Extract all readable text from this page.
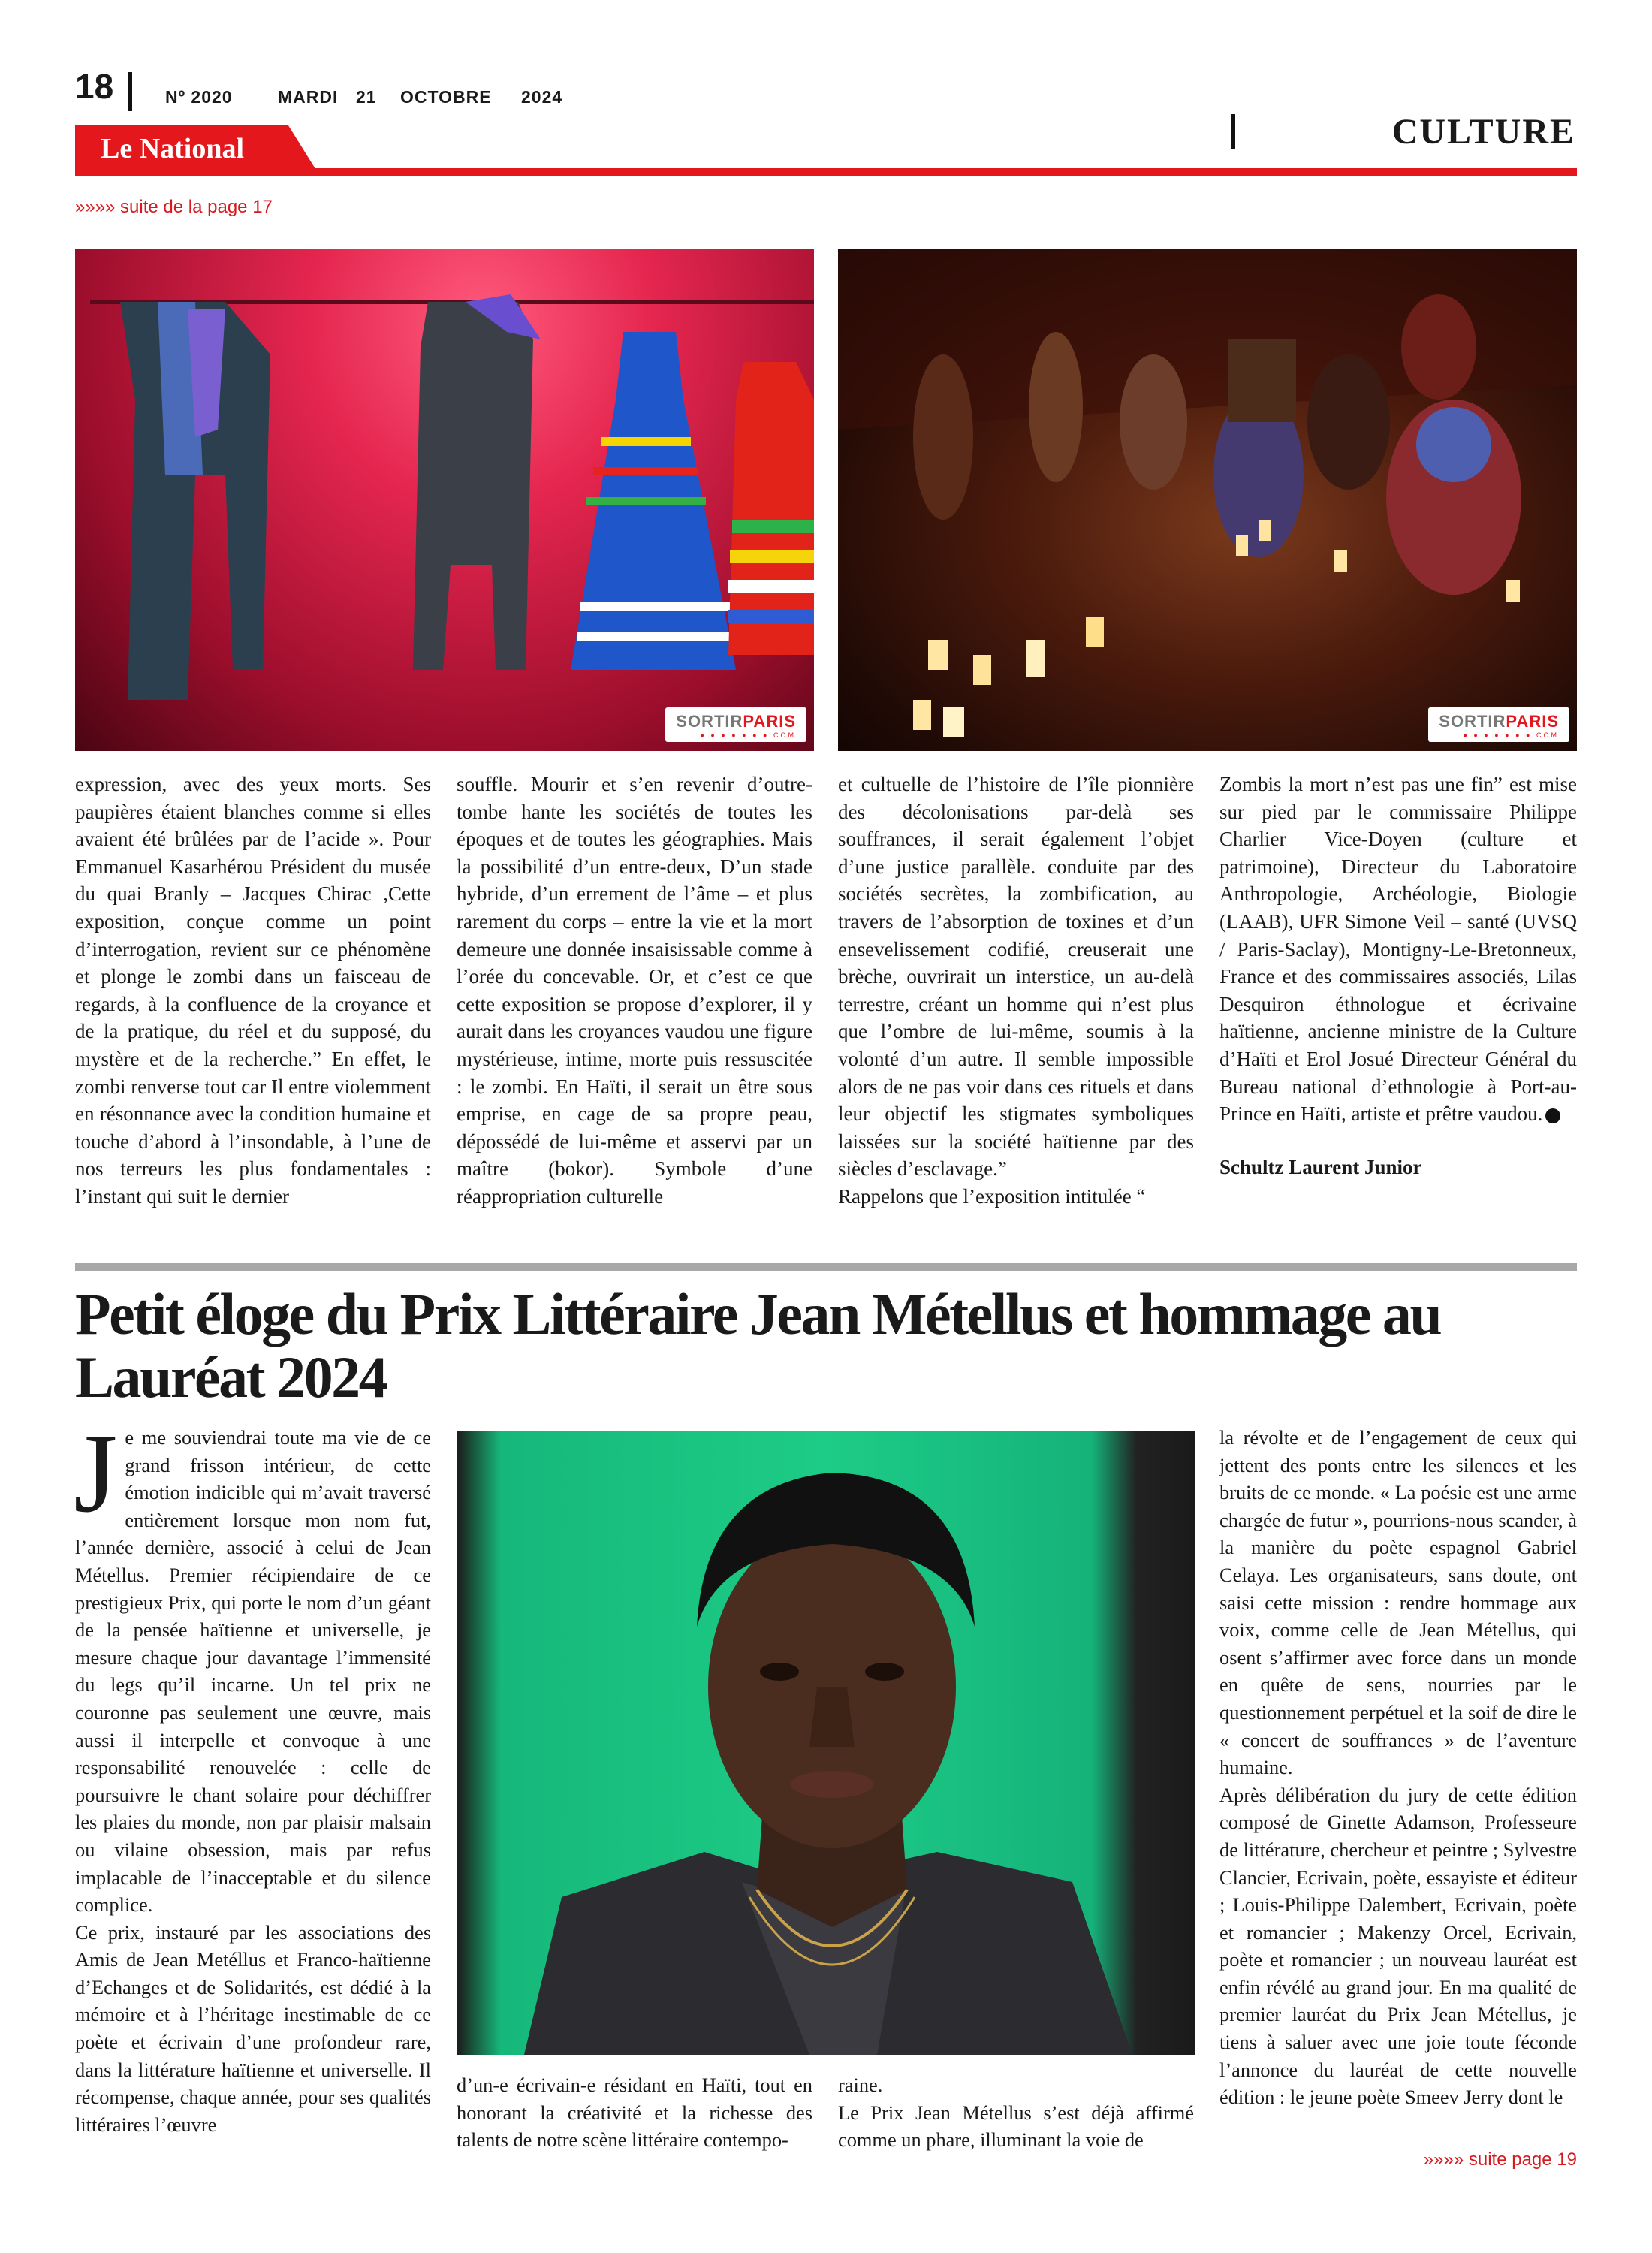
18	Nº 2020	MARDI 21 OCTOBRE 2024
CULTURE
Le National
»»»» suite de la page 17
SORTIRPARIS
● ● ● ● ● ● ● COM
SORTIRPARIS
● ● ● ● ● ● ● COM

expression, avec des yeux morts. Ses paupières étaient blanches comme si elles avaient été brûlées par de l’acide ». Pour Emmanuel Kasarhérou Président du musée du quai Branly – Jacques Chirac ,Cette exposition, conçue comme un point d’interrogation, revient sur ce phénomène et plonge le zombi dans un faisceau de regards, à la confluence de la croyance et de la pratique, du réel et du supposé, du mystère et de la recherche.” En effet, le zombi renverse tout car Il entre violemment en résonnance avec la condition humaine et touche d’abord à l’insondable, à l’une de nos terreurs les plus fondamentales : l’instant qui suit le dernier

souffle. Mourir et s’en revenir d’outre-tombe hante les sociétés de toutes les époques et de toutes les géographies. Mais la possibilité d’un entre-deux, D’un stade hybride, d’un errement de l’âme – et plus rarement du corps – entre la vie et la mort demeure une donnée insaisissable comme à l’orée du concevable. Or, et c’est ce que cette exposition se propose d’explorer, il y aurait dans les croyances vaudou une figure mystérieuse, intime, morte puis ressuscitée : le zombi. En Haïti, il serait un être sous emprise, en cage de sa propre peau, dépossédé de lui-même et asservi par un maître (bokor). Symbole d’une réappropriation culturelle

et cultuelle de l’histoire de l’île pionnière des décolonisations par-delà ses souffrances, il serait également l’objet d’une justice parallèle. conduite par des sociétés secrètes, la zombification, au travers de l’absorption de toxines et d’un ensevelissement codifié, creuserait une brèche, ouvrirait un interstice, un au-delà terrestre, créant un homme qui n’est plus que l’ombre de lui-même, soumis à la volonté d’un autre. Il semble impossible alors de ne pas voir dans ces rituels et dans leur objectif les stigmates symboliques laissées sur la société haïtienne par des siècles d’esclavage.”

Rappelons que l’exposition intitulée “

Zombis la mort n’est pas une fin” est mise sur pied par le commissaire Philippe Charlier Vice-Doyen (culture et patrimoine), Directeur du Laboratoire Anthropologie, Archéologie, Biologie (LAAB), UFR Simone Veil – santé (UVSQ / Paris-Saclay), Montigny-Le-Bretonneux, France et des commissaires associés, Lilas Desquiron éthnologue et écrivaine haïtienne, ancienne ministre de la Culture d’Haïti et Erol Josué Directeur Général du Bureau national d’ethnologie à Port-au-Prince en Haïti, artiste et prêtre vaudou.

Schultz Laurent Junior

Petit éloge du Prix Littéraire Jean Métellus et hommage au Lauréat 2024

Je me souviendrai toute ma vie de ce grand frisson intérieur, de cette émotion indicible qui m’avait traversé entièrement lorsque mon nom fut, l’année dernière, associé à celui de Jean Métellus. Premier récipiendaire de ce prestigieux Prix, qui porte le nom d’un géant de la pensée haïtienne et universelle, je mesure chaque jour davantage l’immensité du legs qu’il incarne. Un tel prix ne couronne pas seulement une œuvre, mais aussi il interpelle et convoque à une responsabilité renouvelée : celle de poursuivre le chant solaire pour déchiffrer les plaies du monde, non par plaisir malsain ou vilaine obsession, mais par refus implacable de l’inacceptable et du silence complice.

Ce prix, instauré par les associations des Amis de Jean Metéllus et Franco-haïtienne d’Echanges et de Solidarités, est dédié à la mémoire et à l’héritage inestimable de ce poète et écrivain d’une profondeur rare, dans la littérature haïtienne et universelle. Il récompense, chaque année, pour ses qualités littéraires l’œuvre

d’un-e écrivain-e résidant en Haïti, tout en honorant la créativité et la richesse des talents de notre scène littéraire contempo-

raine.

Le Prix Jean Métellus s’est déjà affirmé comme un phare, illuminant la voie de

la révolte et de l’engagement de ceux qui jettent des ponts entre les silences et les bruits de ce monde. « La poésie est une arme chargée de futur », pourrions-nous scander, à la manière du poète espagnol Gabriel Celaya. Les organisateurs, sans doute, ont saisi cette mission : rendre hommage aux voix, comme celle de Jean Métellus, qui osent s’affirmer avec force dans un monde en quête de sens, nourries par le questionnement perpétuel et la soif de dire le « concert de souffrances » de l’aventure humaine.

Après délibération du jury de cette édition composé de Ginette Adamson, Professeure de littérature, chercheur et peintre ; Sylvestre Clancier, Ecrivain, poète, essayiste et éditeur ; Louis-Philippe Dalembert, Ecrivain, poète et romancier ; Makenzy Orcel, Ecrivain, poète et romancier ; un nouveau lauréat est enfin révélé au grand jour. En ma qualité de premier lauréat du Prix Jean Métellus, je tiens à saluer avec une joie toute féconde l’annonce du lauréat de cette nouvelle édition : le jeune poète Smeev Jerry dont le

»»»» suite page 19
